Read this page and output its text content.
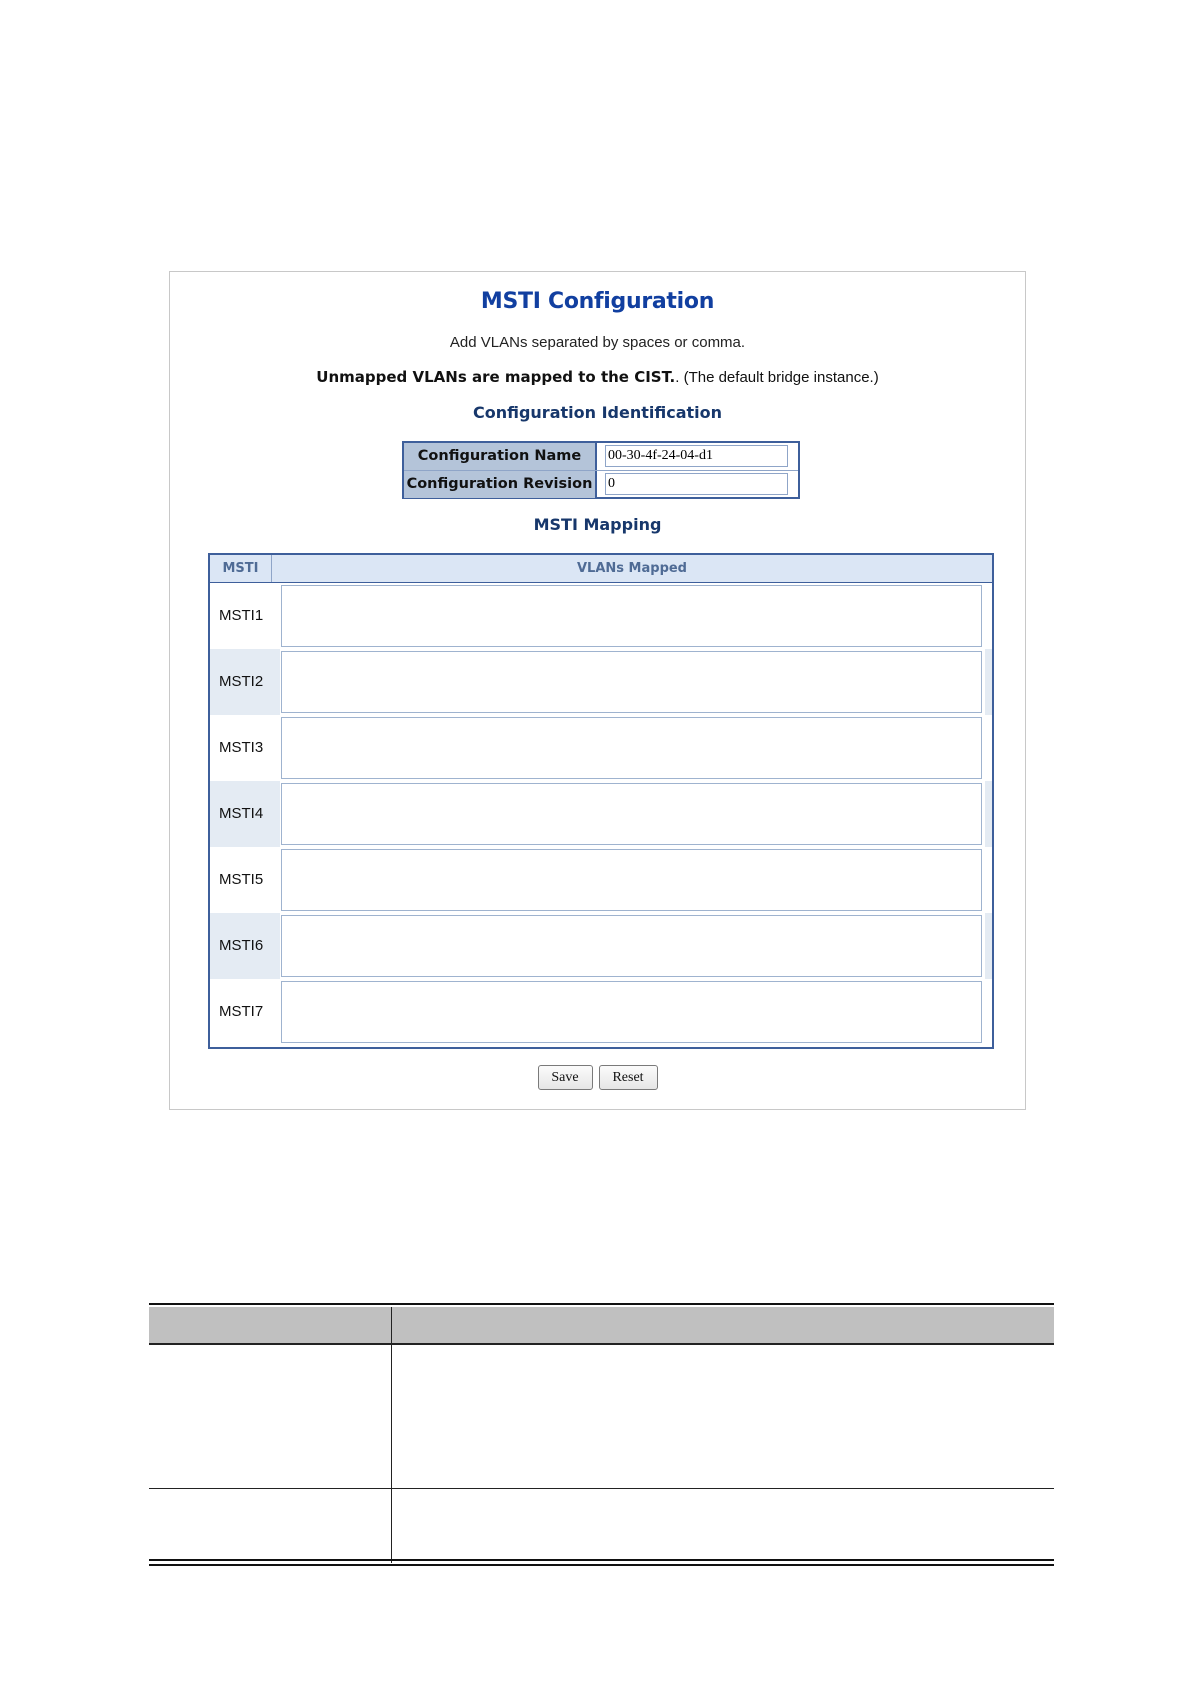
MSTI Configuration
Add VLANs separated by spaces or comma.
Unmapped VLANs are mapped to the CIST.. (The default bridge instance.)
Configuration Identification
Configuration Name
00-30-4f-24-04-d1
Configuration Revision
0
MSTI Mapping
MSTI	VLANs Mapped
MSTI1
MSTI2
MSTI3
MSTI4
MSTI5
MSTI6
MSTI7
Save Reset
